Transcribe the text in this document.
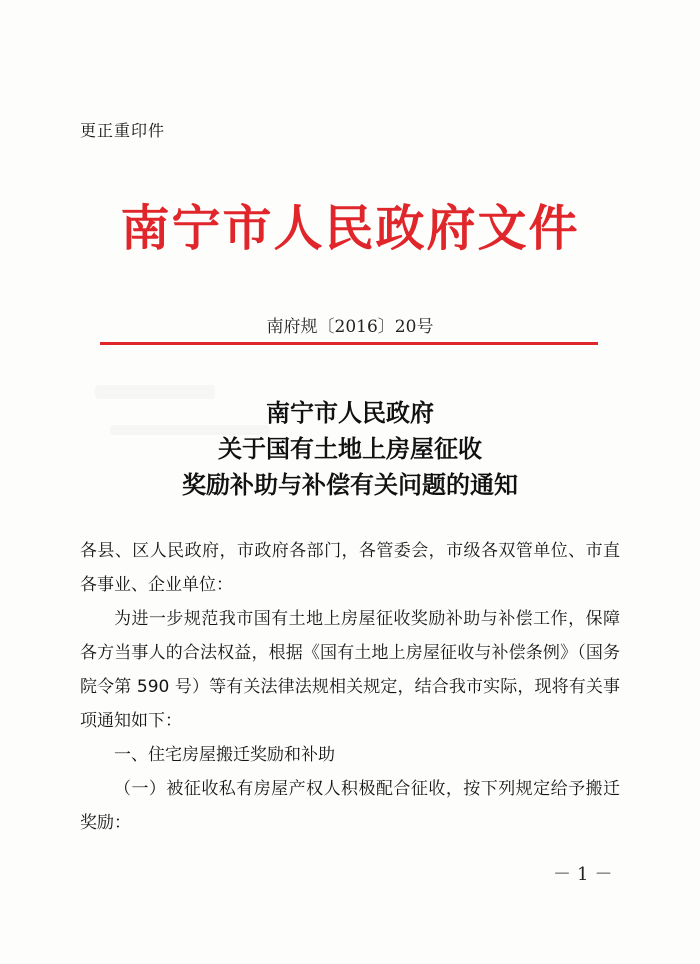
更正重印件
南宁市人民政府文件
南府规〔2016〕20号
南宁市人民政府
关于国有土地上房屋征收
奖励补助与补偿有关问题的通知

各县、区人民政府，市政府各部门，各管委会，市级各双管单位、市直各事业、企业单位：

为进一步规范我市国有土地上房屋征收奖励补助与补偿工作，保障各方当事人的合法权益，根据《国有土地上房屋征收与补偿条例》（国务院令第 590 号）等有关法律法规相关规定，结合我市实际，现将有关事项通知如下：

一、住宅房屋搬迁奖励和补助

（一）被征收私有房屋产权人积极配合征收，按下列规定给予搬迁奖励：

－1－
